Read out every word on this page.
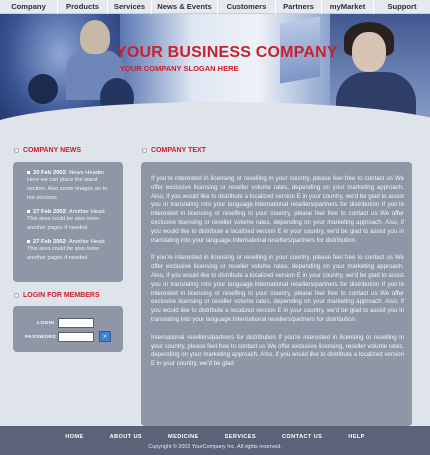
Company	Products	Services	News & Events	Customers	Partners	myMarket	Support
YOUR BUSINESS COMPANY
YOUR COMPANY SLOGAN HERE
COMPANY NEWS
20 Feb 2002: News Header
Here we can place the latest section. Also some images an to hot sections.
27 Feb 2002: Another Head
This area could be also remo another pages if needed.
27 Feb 2002: Another Head
This area could be also remo another pages if needed.
LOGIN FOR MEMBERS
LOGIN
PASSWORD	»
COMPANY TEXT

If you're interested in licensing or reselling in your country, please feel free to contact us We offer exclusive licensing or reseller volume rates, depending on your marketing approach. Also, if you would like to distribute a localized version E in your country, we'd be glad to assist you in translating into your language.International resellers/partners for distribution If you're interested in licensing or reselling in your country, please feel free to contact us We offer exclusive licensing or reseller volume rates, depending on your marketing approach. Also, if you would like to distribute a localized version E in your country, we'd be glad to assist you in translating into your language.International resellers/partners for distribution.

If you're interested in licensing or reselling in your country, please feel free to contact us We offer exclusive licensing or reseller volume rates, depending on your marketing approach. Also, if you would like to distribute a localized version E in your country, we'd be glad to assist you in translating into your language.International resellers/partners for distribution If you're interested in licensing or reselling in your country, please feel free to contact us We offer exclusive licensing or reseller volume rates, depending on your marketing approach. Also, if you would like to distribute a localized version E in your country, we'd be glad to assist you in translating into your language.International resellers/partners for distribution.

International resellers/partners for distribution If you're interested in licensing or reselling in your country, please feel free to contact us We offer exclusive licensing, reseller volume rates, depending on your marketing approach. Also, if you would like to distribute a localized version E in your country, we'd be glad

HOME	ABOUT US	MEDICINE	SERVICES	CONTACT US	HELP
Copyright © 2002 YourCompany Inc. All rights reserved.
